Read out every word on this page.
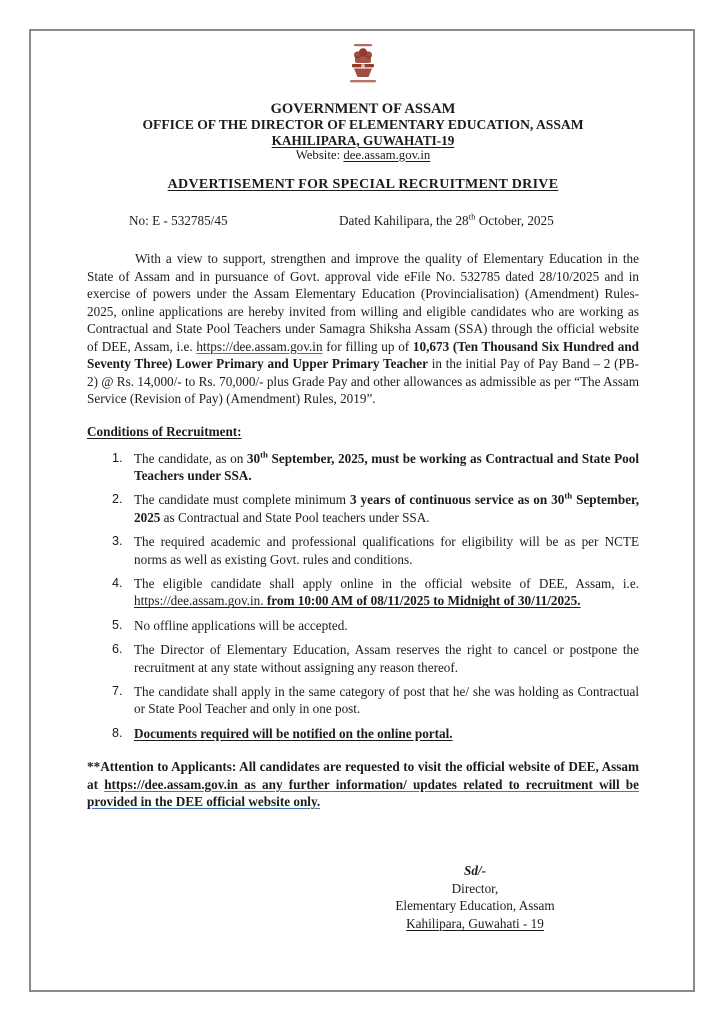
GOVERNMENT OF ASSAM
OFFICE OF THE DIRECTOR OF ELEMENTARY EDUCATION, ASSAM
KAHILIPARA, GUWAHATI-19
Website: dee.assam.gov.in
ADVERTISEMENT FOR SPECIAL RECRUITMENT DRIVE
No: E - 532785/45	Dated Kahilipara, the 28th October, 2025

With a view to support, strengthen and improve the quality of Elementary Education in the State of Assam and in pursuance of Govt. approval vide eFile No. 532785 dated 28/10/2025 and in exercise of powers under the Assam Elementary Education (Provincialisation) (Amendment) Rules-2025, online applications are hereby invited from willing and eligible candidates who are working as Contractual and State Pool Teachers under Samagra Shiksha Assam (SSA) through the official website of DEE, Assam, i.e. https://dee.assam.gov.in for filling up of 10,673 (Ten Thousand Six Hundred and Seventy Three) Lower Primary and Upper Primary Teacher in the initial Pay of Pay Band – 2 (PB-2) @ Rs. 14,000/- to Rs. 70,000/- plus Grade Pay and other allowances as admissible as per “The Assam Service (Revision of Pay) (Amendment) Rules, 2019”.

Conditions of Recruitment:
1. The candidate, as on 30th September, 2025, must be working as Contractual and State Pool Teachers under SSA.
2. The candidate must complete minimum 3 years of continuous service as on 30th September, 2025 as Contractual and State Pool teachers under SSA.
3. The required academic and professional qualifications for eligibility will be as per NCTE norms as well as existing Govt. rules and conditions.
4. The eligible candidate shall apply online in the official website of DEE, Assam, i.e. https://dee.assam.gov.in. from 10:00 AM of 08/11/2025 to Midnight of 30/11/2025.
5. No offline applications will be accepted.
6. The Director of Elementary Education, Assam reserves the right to cancel or postpone the recruitment at any state without assigning any reason thereof.
7. The candidate shall apply in the same category of post that he/ she was holding as Contractual or State Pool Teacher and only in one post.
8. Documents required will be notified on the online portal.

**Attention to Applicants: All candidates are requested to visit the official website of DEE, Assam at https://dee.assam.gov.in as any further information/ updates related to recruitment will be provided in the DEE official website only.

Sd/-
Director,
Elementary Education, Assam
Kahilipara, Guwahati - 19
